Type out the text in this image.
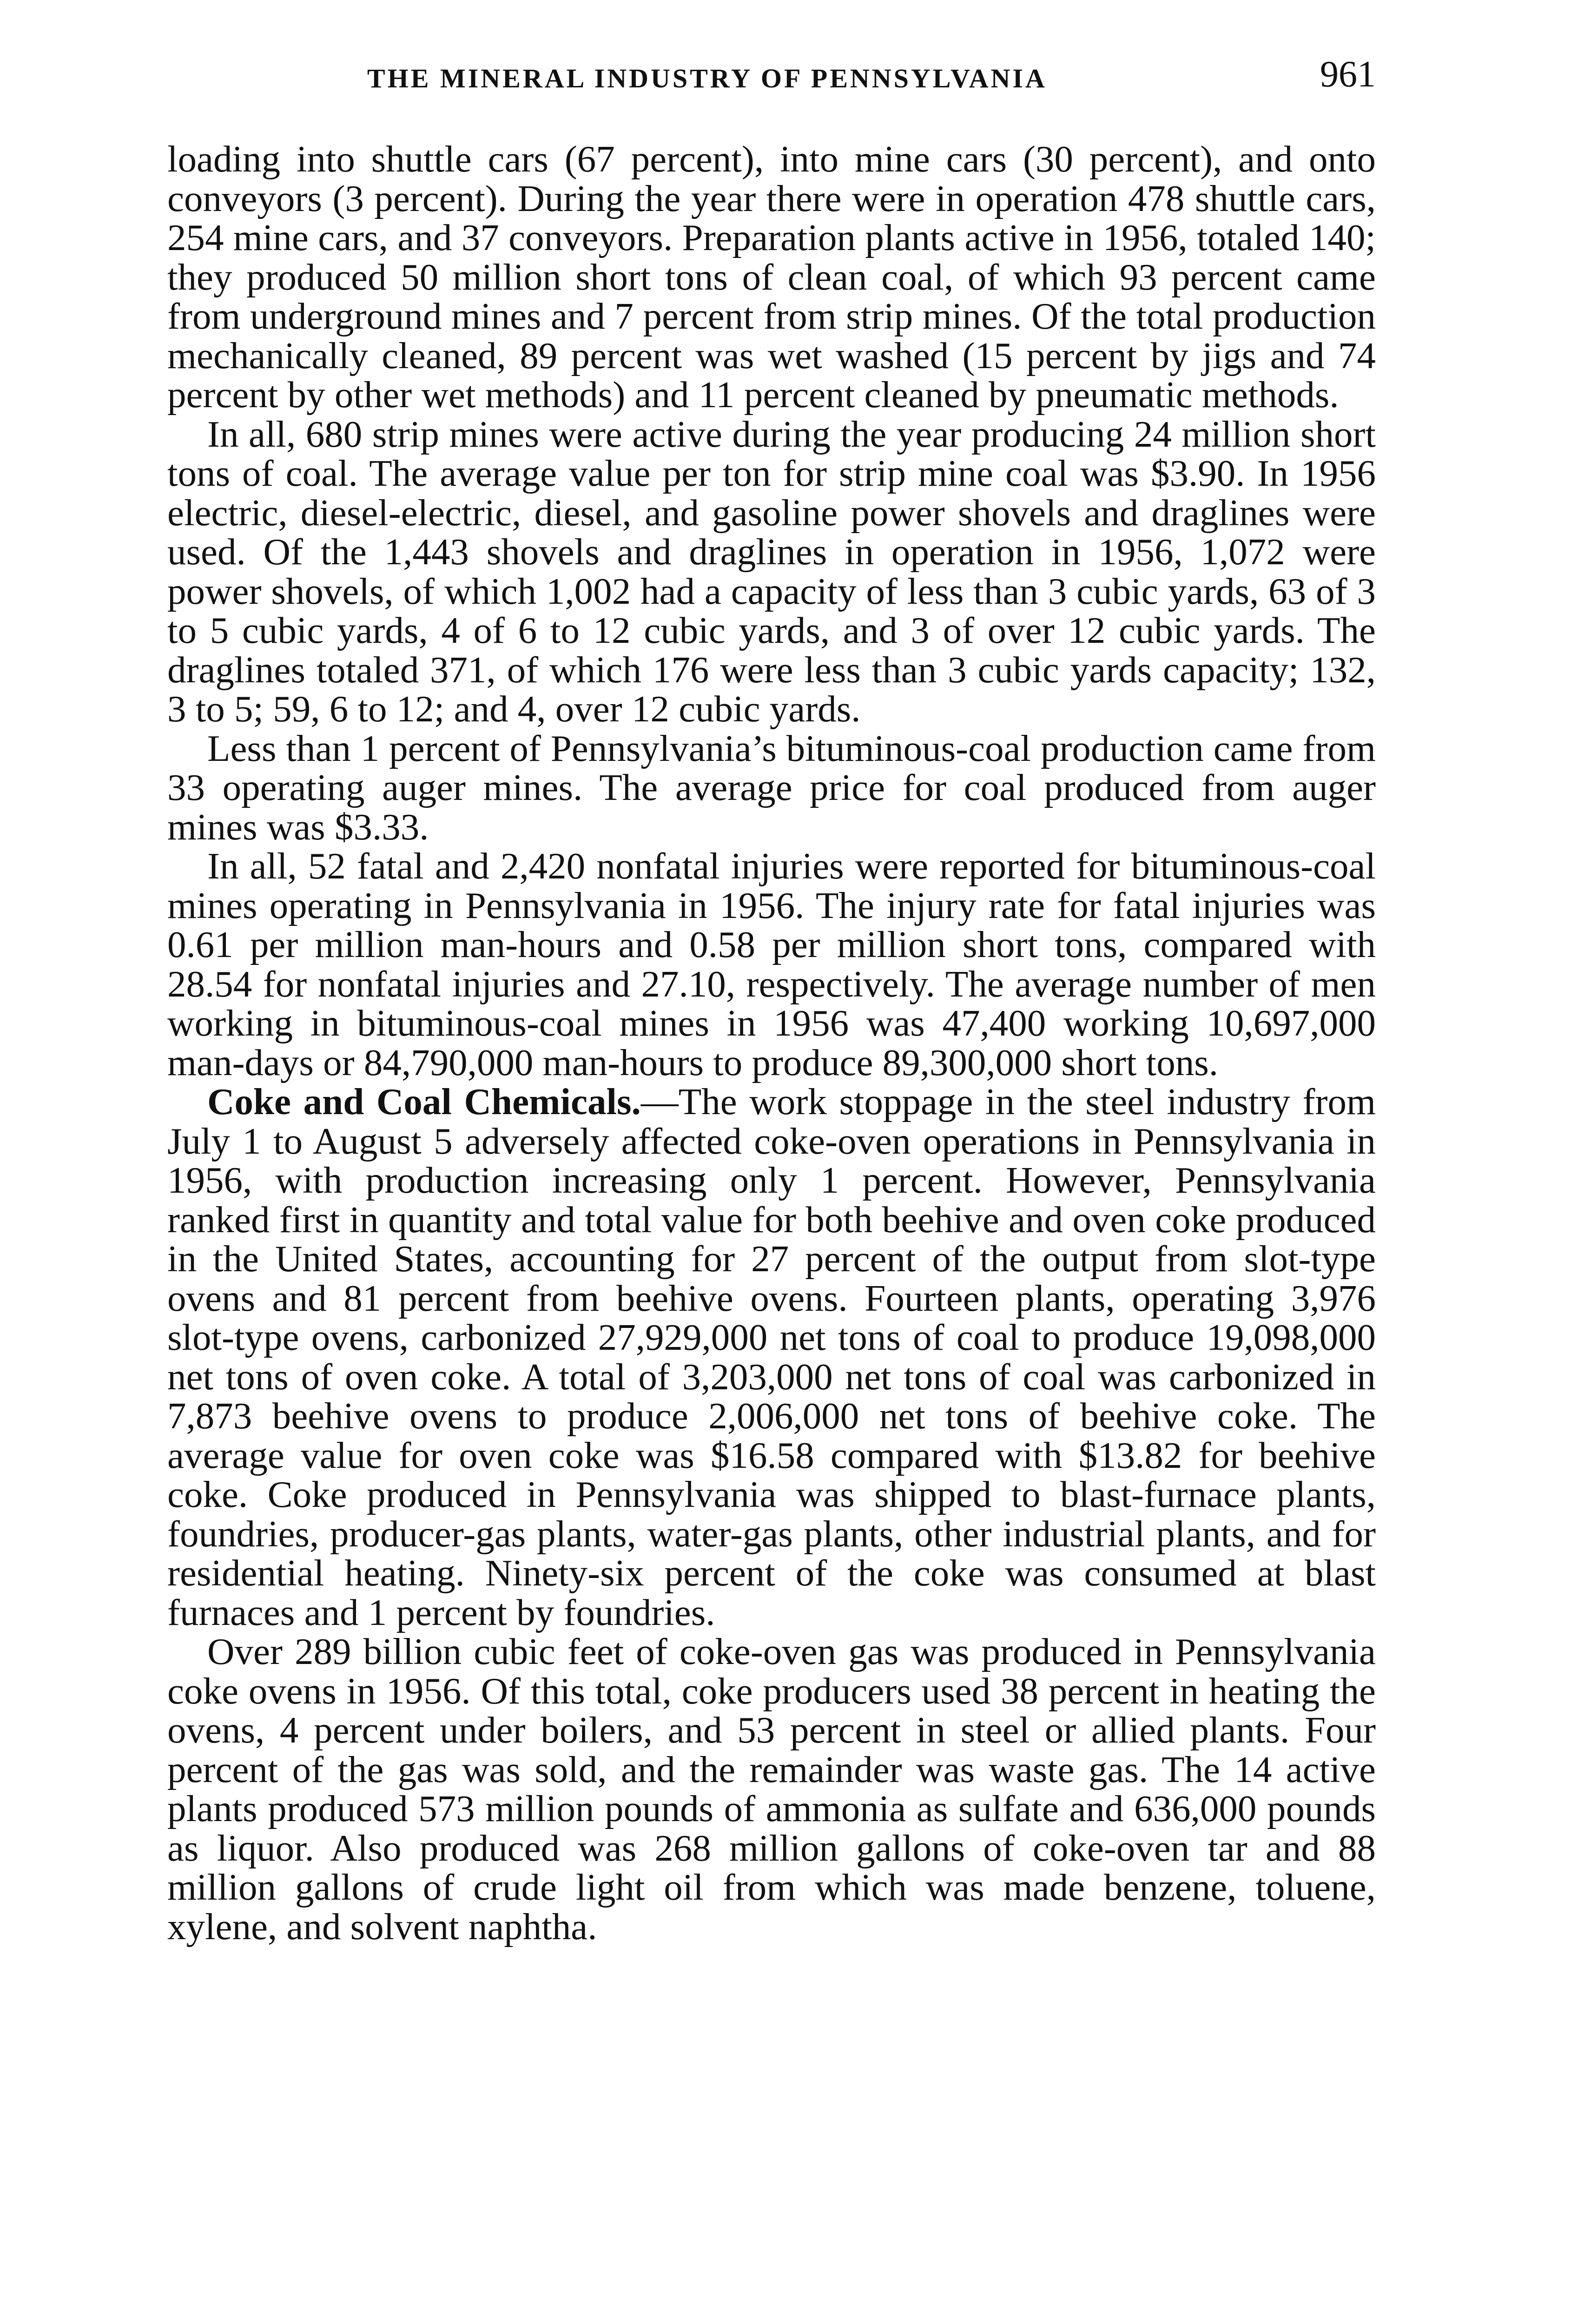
THE MINERAL INDUSTRY OF PENNSYLVANIA	961

loading into shuttle cars (67 percent), into mine cars (30 percent), and onto conveyors (3 percent). During the year there were in operation 478 shuttle cars, 254 mine cars, and 37 conveyors. Preparation plants active in 1956, totaled 140; they produced 50 million short tons of clean coal, of which 93 percent came from underground mines and 7 percent from strip mines. Of the total production mechanically cleaned, 89 percent was wet washed (15 percent by jigs and 74 percent by other wet methods) and 11 percent cleaned by pneumatic methods.

In all, 680 strip mines were active during the year producing 24 million short tons of coal. The average value per ton for strip mine coal was $3.90. In 1956 electric, diesel-electric, diesel, and gasoline power shovels and draglines were used. Of the 1,443 shovels and draglines in operation in 1956, 1,072 were power shovels, of which 1,002 had a capacity of less than 3 cubic yards, 63 of 3 to 5 cubic yards, 4 of 6 to 12 cubic yards, and 3 of over 12 cubic yards. The draglines totaled 371, of which 176 were less than 3 cubic yards capacity; 132, 3 to 5; 59, 6 to 12; and 4, over 12 cubic yards.

Less than 1 percent of Pennsylvania’s bituminous-coal production came from 33 operating auger mines. The average price for coal produced from auger mines was $3.33.

In all, 52 fatal and 2,420 nonfatal injuries were reported for bituminous-coal mines operating in Pennsylvania in 1956. The injury rate for fatal injuries was 0.61 per million man-hours and 0.58 per million short tons, compared with 28.54 for nonfatal injuries and 27.10, respectively. The average number of men working in bituminous-coal mines in 1956 was 47,400 working 10,697,000 man-days or 84,790,000 man-hours to produce 89,300,000 short tons.

Coke and Coal Chemicals.—The work stoppage in the steel industry from July 1 to August 5 adversely affected coke-oven operations in Pennsylvania in 1956, with production increasing only 1 percent. However, Pennsylvania ranked first in quantity and total value for both beehive and oven coke produced in the United States, accounting for 27 percent of the output from slot-type ovens and 81 percent from beehive ovens. Fourteen plants, operating 3,976 slot-type ovens, carbonized 27,929,000 net tons of coal to produce 19,098,000 net tons of oven coke. A total of 3,203,000 net tons of coal was carbonized in 7,873 beehive ovens to produce 2,006,000 net tons of beehive coke. The average value for oven coke was $16.58 compared with $13.82 for beehive coke. Coke produced in Pennsylvania was shipped to blast-furnace plants, foundries, producer-gas plants, water-gas plants, other industrial plants, and for residential heating. Ninety-six percent of the coke was consumed at blast furnaces and 1 percent by foundries.

Over 289 billion cubic feet of coke-oven gas was produced in Pennsylvania coke ovens in 1956. Of this total, coke producers used 38 percent in heating the ovens, 4 percent under boilers, and 53 percent in steel or allied plants. Four percent of the gas was sold, and the remainder was waste gas. The 14 active plants produced 573 million pounds of ammonia as sulfate and 636,000 pounds as liquor. Also produced was 268 million gallons of coke-oven tar and 88 million gallons of crude light oil from which was made benzene, toluene, xylene, and solvent naphtha.
